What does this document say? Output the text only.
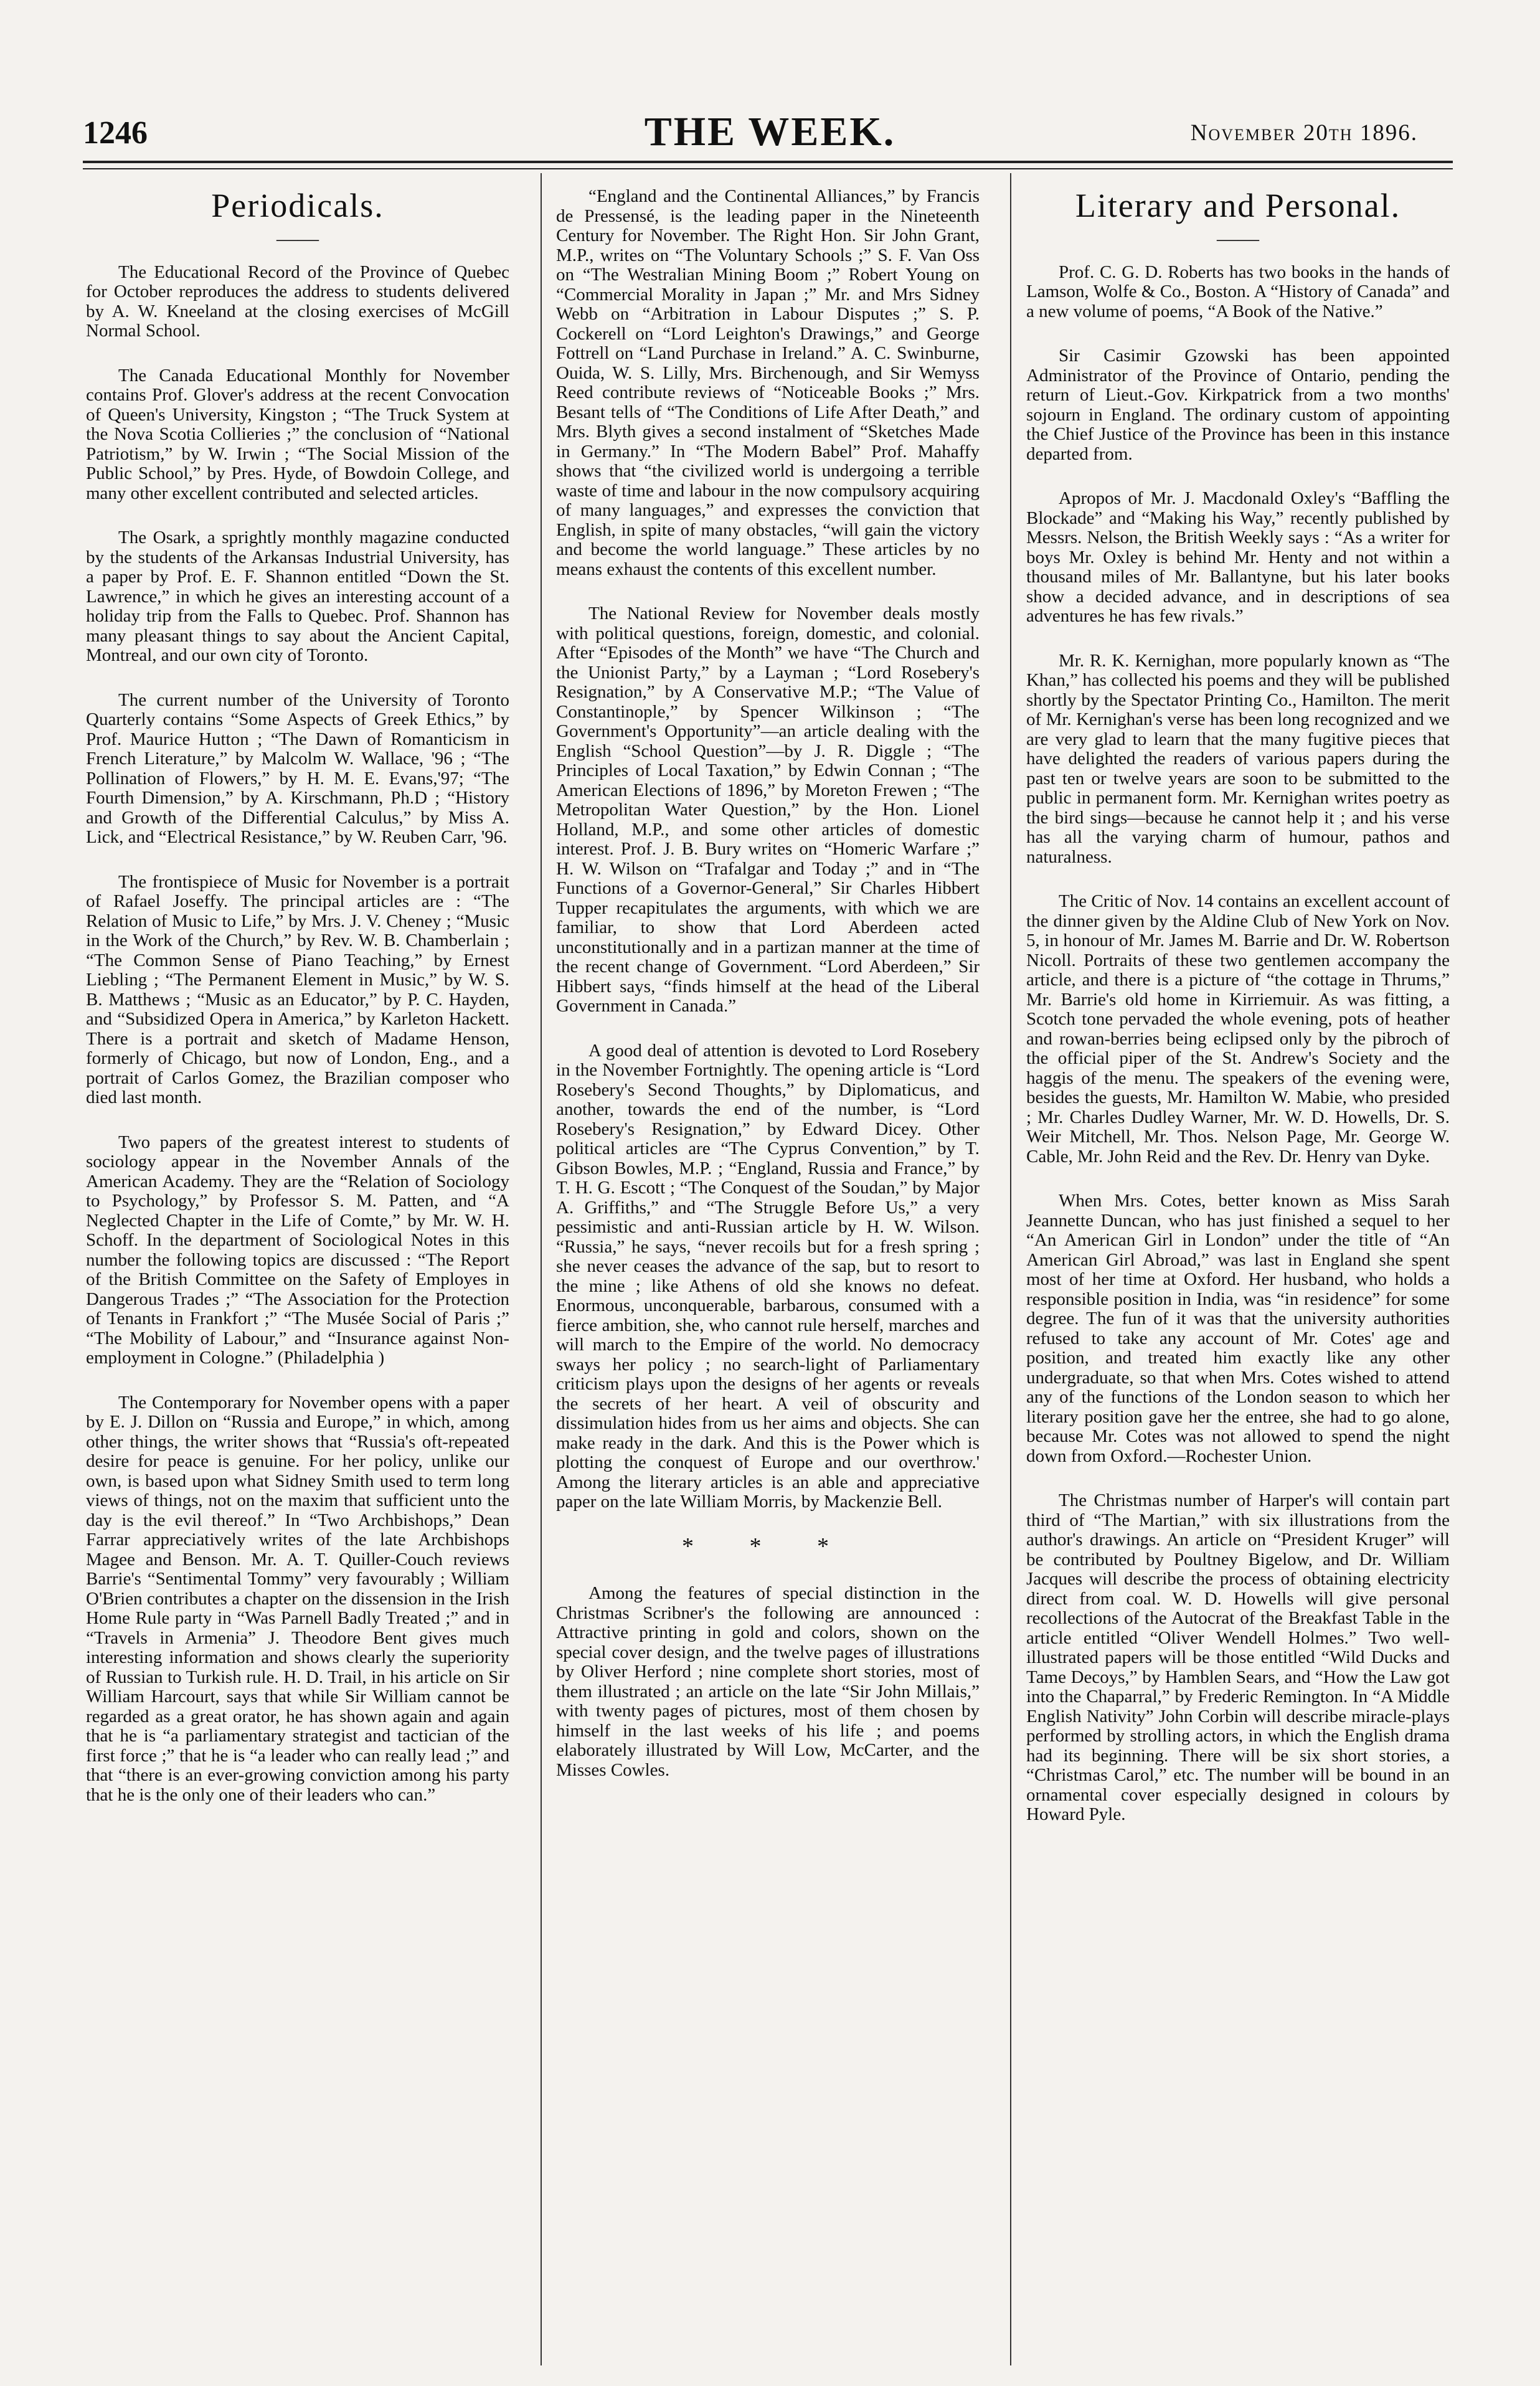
1246	THE WEEK.	November 20th 1896.
Periodicals.
——

The Educational Record of the Province of Quebec for October reproduces the address to students delivered by A. W. Kneeland at the closing exercises of McGill Normal School.

The Canada Educational Monthly for November contains Prof. Glover's address at the recent Convocation of Queen's University, Kingston ; “The Truck System at the Nova Scotia Collieries ;” the conclusion of “National Patriotism,” by W. Irwin ; “The Social Mission of the Public School,” by Pres. Hyde, of Bowdoin College, and many other excellent contributed and selected articles.

The Osark, a sprightly monthly magazine conducted by the students of the Arkansas Industrial University, has a paper by Prof. E. F. Shannon entitled “Down the St. Lawrence,” in which he gives an interesting account of a holiday trip from the Falls to Quebec. Prof. Shannon has many pleasant things to say about the Ancient Capital, Montreal, and our own city of Toronto.

The current number of the University of Toronto Quarterly contains “Some Aspects of Greek Ethics,” by Prof. Maurice Hutton ; “The Dawn of Romanticism in French Literature,” by Malcolm W. Wallace, '96 ; “The Pollination of Flowers,” by H. M. E. Evans,'97; “The Fourth Dimension,” by A. Kirschmann, Ph.D ; “History and Growth of the Differential Calculus,” by Miss A. Lick, and “Electrical Resistance,” by W. Reuben Carr, '96.

The frontispiece of Music for November is a portrait of Rafael Joseffy. The principal articles are : “The Relation of Music to Life,” by Mrs. J. V. Cheney ; “Music in the Work of the Church,” by Rev. W. B. Chamberlain ; “The Common Sense of Piano Teaching,” by Ernest Liebling ; “The Permanent Element in Music,” by W. S. B. Matthews ; “Music as an Educator,” by P. C. Hayden, and “Subsidized Opera in America,” by Karleton Hackett. There is a portrait and sketch of Madame Henson, formerly of Chicago, but now of London, Eng., and a portrait of Carlos Gomez, the Brazilian composer who died last month.

Two papers of the greatest interest to students of sociology appear in the November Annals of the American Academy. They are the “Relation of Sociology to Psychology,” by Professor S. M. Patten, and “A Neglected Chapter in the Life of Comte,” by Mr. W. H. Schoff. In the department of Sociological Notes in this number the following topics are discussed : “The Report of the British Committee on the Safety of Employes in Dangerous Trades ;” “The Association for the Protection of Tenants in Frankfort ;” “The Musée Social of Paris ;” “The Mobility of Labour,” and “Insurance against Non-employment in Cologne.” (Philadelphia )

The Contemporary for November opens with a paper by E. J. Dillon on “Russia and Europe,” in which, among other things, the writer shows that “Russia's oft-repeated desire for peace is genuine. For her policy, unlike our own, is based upon what Sidney Smith used to term long views of things, not on the maxim that sufficient unto the day is the evil thereof.” In “Two Archbishops,” Dean Farrar appreciatively writes of the late Archbishops Magee and Benson. Mr. A. T. Quiller-Couch reviews Barrie's “Sentimental Tommy” very favourably ; William O'Brien contributes a chapter on the dissension in the Irish Home Rule party in “Was Parnell Badly Treated ;” and in “Travels in Armenia” J. Theodore Bent gives much interesting information and shows clearly the superiority of Russian to Turkish rule. H. D. Trail, in his article on Sir William Harcourt, says that while Sir William cannot be regarded as a great orator, he has shown again and again that he is “a parliamentary strategist and tactician of the first force ;” that he is “a leader who can really lead ;” and that “there is an ever-growing conviction among his party that he is the only one of their leaders who can.”

“England and the Continental Alliances,” by Francis de Pressensé, is the leading paper in the Nineteenth Century for November. The Right Hon. Sir John Grant, M.P., writes on “The Voluntary Schools ;” S. F. Van Oss on “The Westralian Mining Boom ;” Robert Young on “Commercial Morality in Japan ;” Mr. and Mrs Sidney Webb on “Arbitration in Labour Disputes ;” S. P. Cockerell on “Lord Leighton's Drawings,” and George Fottrell on “Land Purchase in Ireland.” A. C. Swinburne, Ouida, W. S. Lilly, Mrs. Birchenough, and Sir Wemyss Reed contribute reviews of “Noticeable Books ;” Mrs. Besant tells of “The Conditions of Life After Death,” and Mrs. Blyth gives a second instalment of “Sketches Made in Germany.” In “The Modern Babel” Prof. Mahaffy shows that “the civilized world is undergoing a terrible waste of time and labour in the now compulsory acquiring of many languages,” and expresses the conviction that English, in spite of many obstacles, “will gain the victory and become the world language.” These articles by no means exhaust the contents of this excellent number.

The National Review for November deals mostly with political questions, foreign, domestic, and colonial. After “Episodes of the Month” we have “The Church and the Unionist Party,” by a Layman ; “Lord Rosebery's Resignation,” by A Conservative M.P.; “The Value of Constantinople,” by Spencer Wilkinson ; “The Government's Opportunity”—an article dealing with the English “School Question”—by J. R. Diggle ; “The Principles of Local Taxation,” by Edwin Connan ; “The American Elections of 1896,” by Moreton Frewen ; “The Metropolitan Water Question,” by the Hon. Lionel Holland, M.P., and some other articles of domestic interest. Prof. J. B. Bury writes on “Homeric Warfare ;” H. W. Wilson on “Trafalgar and Today ;” and in “The Functions of a Governor-General,” Sir Charles Hibbert Tupper recapitulates the arguments, with which we are familiar, to show that Lord Aberdeen acted unconstitutionally and in a partizan manner at the time of the recent change of Government. “Lord Aberdeen,” Sir Hibbert says, “finds himself at the head of the Liberal Government in Canada.”

A good deal of attention is devoted to Lord Rosebery in the November Fortnightly. The opening article is “Lord Rosebery's Second Thoughts,” by Diplomaticus, and another, towards the end of the number, is “Lord Rosebery's Resignation,” by Edward Dicey. Other political articles are “The Cyprus Convention,” by T. Gibson Bowles, M.P. ; “England, Russia and France,” by T. H. G. Escott ; “The Conquest of the Soudan,” by Major A. Griffiths,” and “The Struggle Before Us,” a very pessimistic and anti-Russian article by H. W. Wilson. “Russia,” he says, “never recoils but for a fresh spring ; she never ceases the advance of the sap, but to resort to the mine ; like Athens of old she knows no defeat. Enormous, unconquerable, barbarous, consumed with a fierce ambition, she, who cannot rule herself, marches and will march to the Empire of the world. No democracy sways her policy ; no search-light of Parliamentary criticism plays upon the designs of her agents or reveals the secrets of her heart. A veil of obscurity and dissimulation hides from us her aims and objects. She can make ready in the dark. And this is the Power which is plotting the conquest of Europe and our overthrow.' Among the literary articles is an able and appreciative paper on the late William Morris, by Mackenzie Bell.

* * *

Among the features of special distinction in the Christmas Scribner's the following are announced : Attractive printing in gold and colors, shown on the special cover design, and the twelve pages of illustrations by Oliver Herford ; nine complete short stories, most of them illustrated ; an article on the late “Sir John Millais,” with twenty pages of pictures, most of them chosen by himself in the last weeks of his life ; and poems elaborately illustrated by Will Low, McCarter, and the Misses Cowles.

Literary and Personal.
——

Prof. C. G. D. Roberts has two books in the hands of Lamson, Wolfe & Co., Boston. A “History of Canada” and a new volume of poems, “A Book of the Native.”

Sir Casimir Gzowski has been appointed Administrator of the Province of Ontario, pending the return of Lieut.-Gov. Kirkpatrick from a two months' sojourn in England. The ordinary custom of appointing the Chief Justice of the Province has been in this instance departed from.

Apropos of Mr. J. Macdonald Oxley's “Baffling the Blockade” and “Making his Way,” recently published by Messrs. Nelson, the British Weekly says : “As a writer for boys Mr. Oxley is behind Mr. Henty and not within a thousand miles of Mr. Ballantyne, but his later books show a decided advance, and in descriptions of sea adventures he has few rivals.”

Mr. R. K. Kernighan, more popularly known as “The Khan,” has collected his poems and they will be published shortly by the Spectator Printing Co., Hamilton. The merit of Mr. Kernighan's verse has been long recognized and we are very glad to learn that the many fugitive pieces that have delighted the readers of various papers during the past ten or twelve years are soon to be submitted to the public in permanent form. Mr. Kernighan writes poetry as the bird sings—because he cannot help it ; and his verse has all the varying charm of humour, pathos and naturalness.

The Critic of Nov. 14 contains an excellent account of the dinner given by the Aldine Club of New York on Nov. 5, in honour of Mr. James M. Barrie and Dr. W. Robertson Nicoll. Portraits of these two gentlemen accompany the article, and there is a picture of “the cottage in Thrums,” Mr. Barrie's old home in Kirriemuir. As was fitting, a Scotch tone pervaded the whole evening, pots of heather and rowan-berries being eclipsed only by the pibroch of the official piper of the St. Andrew's Society and the haggis of the menu. The speakers of the evening were, besides the guests, Mr. Hamilton W. Mabie, who presided ; Mr. Charles Dudley Warner, Mr. W. D. Howells, Dr. S. Weir Mitchell, Mr. Thos. Nelson Page, Mr. George W. Cable, Mr. John Reid and the Rev. Dr. Henry van Dyke.

When Mrs. Cotes, better known as Miss Sarah Jeannette Duncan, who has just finished a sequel to her “An American Girl in London” under the title of “An American Girl Abroad,” was last in England she spent most of her time at Oxford. Her husband, who holds a responsible position in India, was “in residence” for some degree. The fun of it was that the university authorities refused to take any account of Mr. Cotes' age and position, and treated him exactly like any other undergraduate, so that when Mrs. Cotes wished to attend any of the functions of the London season to which her literary position gave her the entree, she had to go alone, because Mr. Cotes was not allowed to spend the night down from Oxford.—Rochester Union.

The Christmas number of Harper's will contain part third of “The Martian,” with six illustrations from the author's drawings. An article on “President Kruger” will be contributed by Poultney Bigelow, and Dr. William Jacques will describe the process of obtaining electricity direct from coal. W. D. Howells will give personal recollections of the Autocrat of the Breakfast Table in the article entitled “Oliver Wendell Holmes.” Two well-illustrated papers will be those entitled “Wild Ducks and Tame Decoys,” by Hamblen Sears, and “How the Law got into the Chaparral,” by Frederic Remington. In “A Middle English Nativity” John Corbin will describe miracle-plays performed by strolling actors, in which the English drama had its beginning. There will be six short stories, a “Christmas Carol,” etc. The number will be bound in an ornamental cover especially designed in colours by Howard Pyle.
